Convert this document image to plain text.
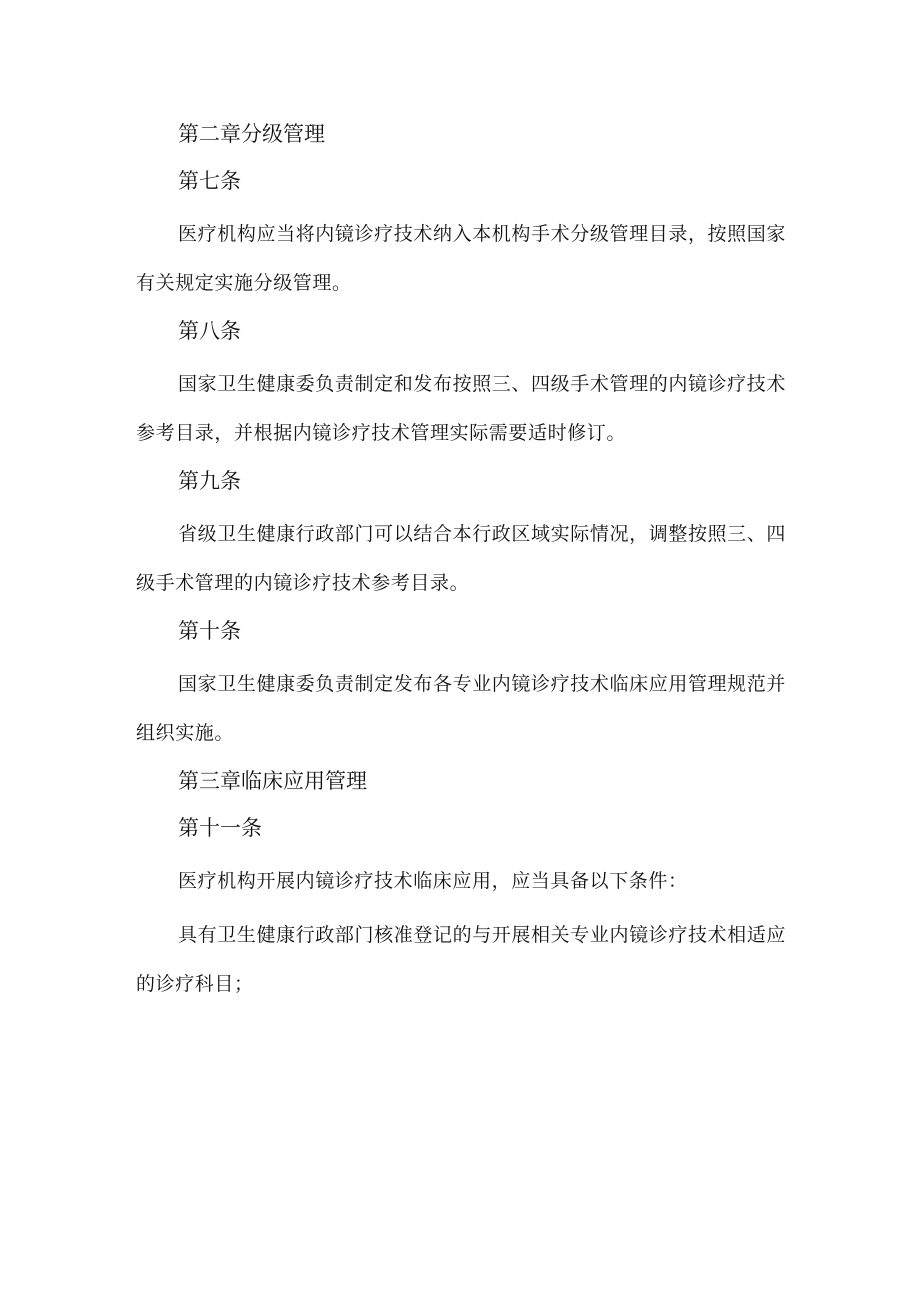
第二章分级管理
第七条
医疗机构应当将内镜诊疗技术纳入本机构手术分级管理目录，按照国家有关规定实施分级管理。
第八条
国家卫生健康委负责制定和发布按照三、四级手术管理的内镜诊疗技术参考目录，并根据内镜诊疗技术管理实际需要适时修订。
第九条
省级卫生健康行政部门可以结合本行政区域实际情况，调整按照三、四级手术管理的内镜诊疗技术参考目录。
第十条
国家卫生健康委负责制定发布各专业内镜诊疗技术临床应用管理规范并组织实施。
第三章临床应用管理
第十一条
医疗机构开展内镜诊疗技术临床应用，应当具备以下条件：
具有卫生健康行政部门核准登记的与开展相关专业内镜诊疗技术相适应的诊疗科目；
